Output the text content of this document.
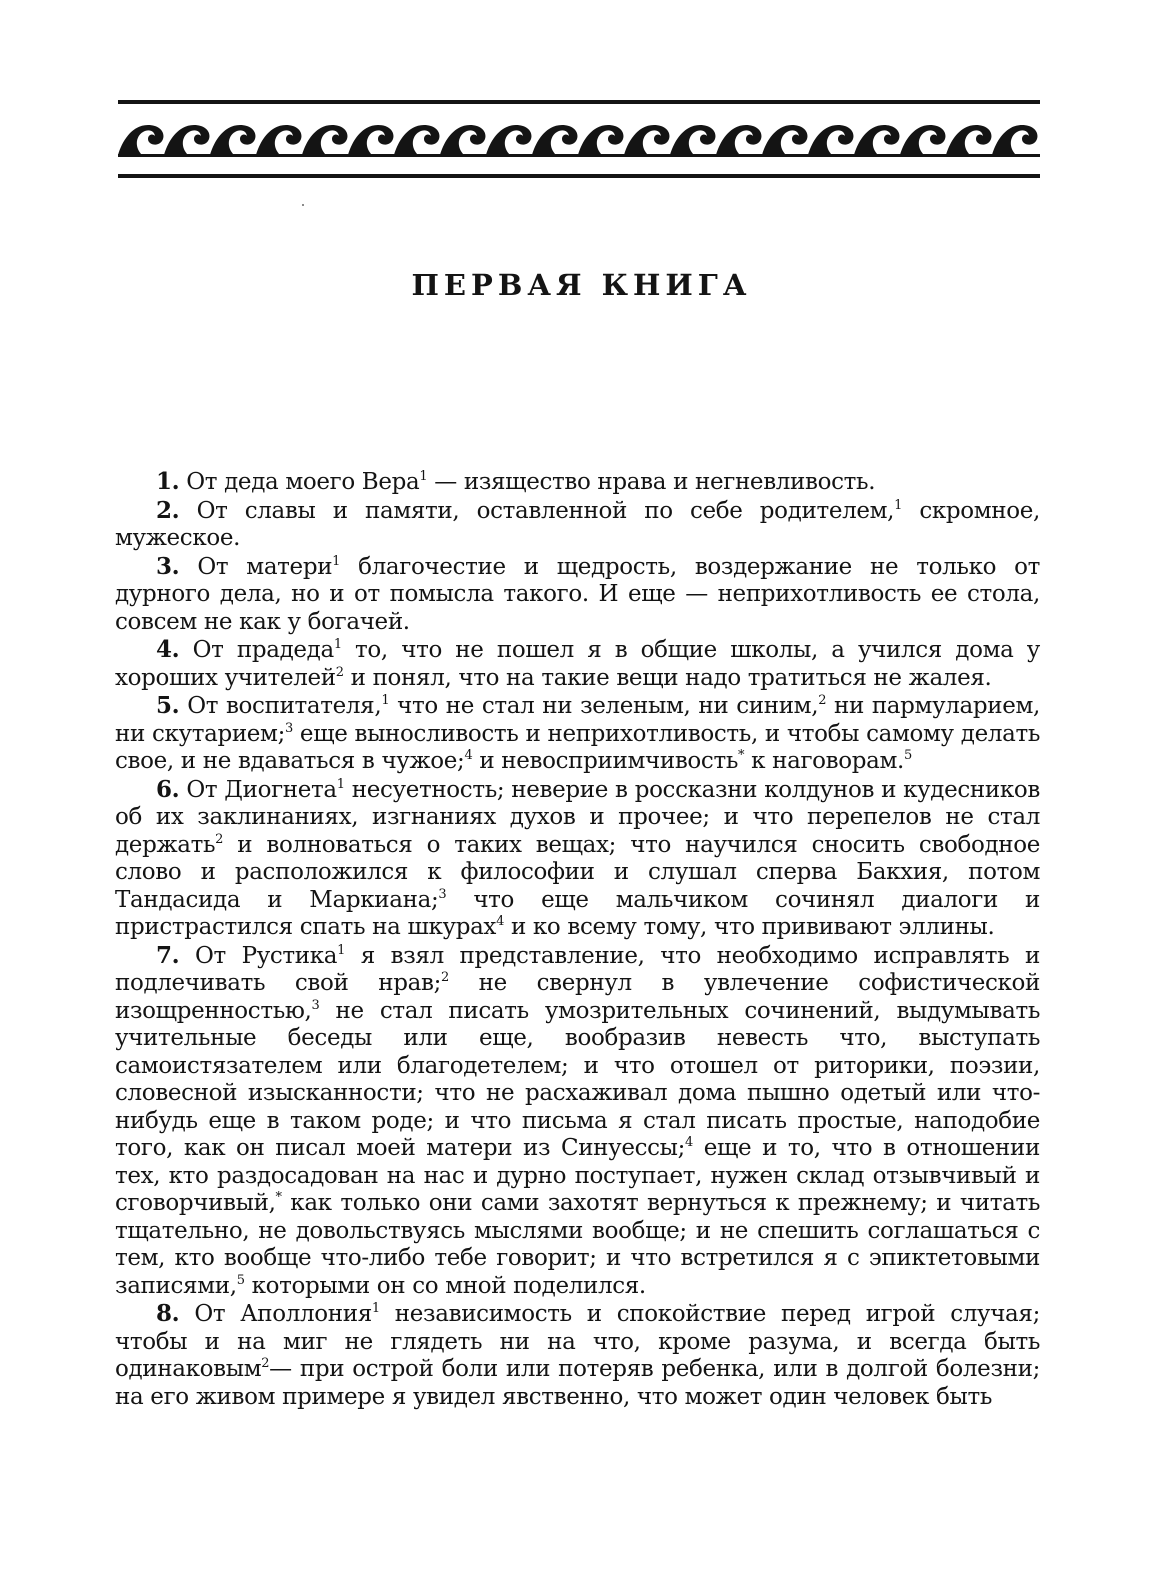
ПЕРВАЯ КНИГА

1. От деда моего Вера$^1$ — изящество нрава и негневливость.

2. От славы и памяти, оставленной по себе родителем,$^1$ скромное, мужеское.

3. От матери$^1$ благочестие и щедрость, воздержание не только от дурного дела, но и от помысла такого. И еще — неприхотливость ее стола, совсем не как у богачей.

4. От прадеда$^1$ то, что не пошел я в общие школы, а учился дома у хороших учителей$^2$ и понял, что на такие вещи надо тратиться не жалея.

5. От воспитателя,$^1$ что не стал ни зеленым, ни синим,$^2$ ни пармуларием, ни скутарием;$^3$ еще выносливость и неприхотливость, и чтобы самому делать свое, и не вдаваться в чужое;$^4$ и невосприимчивость* к наговорам.$^5$

6. От Диогнета$^1$ несуетность; неверие в россказни колдунов и кудесников об их заклинаниях, изгнаниях духов и прочее; и что перепелов не стал держать$^2$ и волноваться о таких вещах; что научился сносить свободное слово и расположился к философии и слушал сперва Бакхия, потом Тандасида и Маркиана;$^3$ что еще мальчиком сочинял диалоги и пристрастился спать на шкурах$^4$ и ко всему тому, что прививают эллины.

7. От Рустика$^1$ я взял представление, что необходимо исправлять и подлечивать свой нрав;$^2$ не свернул в увлечение софистической изощренностью,$^3$ не стал писать умозрительных сочинений, выдумывать учительные беседы или еще, вообразив невесть что, выступать самоистязателем или благодетелем; и что отошел от риторики, поэзии, словесной изысканности; что не расхаживал дома пышно одетый или что-нибудь еще в таком роде; и что письма я стал писать простые, наподобие того, как он писал моей матери из Синуессы;$^4$ еще и то, что в отношении тех, кто раздосадован на нас и дурно поступает, нужен склад отзывчивый и сговорчивый,* как только они сами захотят вернуться к прежнему; и читать тщательно, не довольствуясь мыслями вообще; и не спешить соглашаться с тем, кто вообще что-либо тебе говорит; и что встретился я с эпиктетовыми записями,$^5$ которыми он со мной поделился.

8. От Аполлония$^1$ независимость и спокойствие перед игрой случая; чтобы и на миг не глядеть ни на что, кроме разума, и всегда быть одинаковым$^2$— при острой боли или потеряв ребенка, или в долгой болезни; на его живом примере я увидел явственно, что может один человек быть
